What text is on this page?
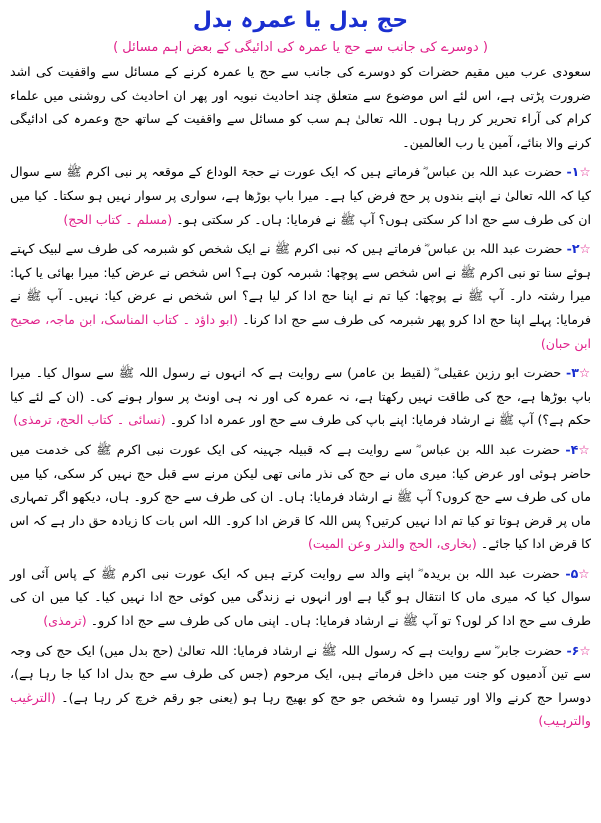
حج بدل یا عمرہ بدل
( دوسرے کی جانب سے حج یا عمرہ کی ادائیگی کے بعض اہم مسائل )

سعودی عرب میں مقیم حضرات کو دوسرے کی جانب سے حج یا عمرہ کرنے کے مسائل سے واقفیت کی اشد ضرورت پڑتی ہے، اس لئے اس موضوع سے متعلق چند احادیث نبویہ اور پھر ان احادیث کی روشنی میں علماء کرام کی آراء تحریر کر رہا ہوں۔ اللہ تعالیٰ ہم سب کو مسائل سے واقفیت کے ساتھ حج وعمرہ کی ادائیگی کرنے والا بنائے، آمین یا رب العالمین۔

☆۱- حضرت عبد اللہ بن عباس ؓ فرماتے ہیں کہ ایک عورت نے حجۃ الوداع کے موقعہ پر نبی اکرم ﷺ سے سوال کیا کہ اللہ تعالیٰ نے اپنے بندوں پر حج فرض کیا ہے۔ میرا باپ بوڑھا ہے، سواری پر سوار نہیں ہو سکتا۔ کیا میں ان کی طرف سے حج ادا کر سکتی ہوں؟ آپ ﷺ نے فرمایا: ہاں۔ کر سکتی ہو۔ (مسلم ۔ کتاب الحج)

☆۲- حضرت عبد اللہ بن عباس ؓ فرماتے ہیں کہ نبی اکرم ﷺ نے ایک شخص کو شبرمہ کی طرف سے لبیک کہتے ہوئے سنا تو نبی اکرم ﷺ نے اس شخص سے پوچھا: شبرمہ کون ہے؟ اس شخص نے عرض کیا: میرا بھائی یا کہا: میرا رشتہ دار۔ آپ ﷺ نے پوچھا: کیا تم نے اپنا حج ادا کر لیا ہے؟ اس شخص نے عرض کیا: نہیں۔ آپ ﷺ نے فرمایا: پہلے اپنا حج ادا کرو پھر شبرمہ کی طرف سے حج ادا کرنا۔ (ابو داؤد ۔ کتاب المناسک، ابن ماجہ، صحیح ابن حبان)

☆۳- حضرت ابو رزین عقیلی ؓ (لقیط بن عامر) سے روایت ہے کہ انہوں نے رسول اللہ ﷺ سے سوال کیا۔ میرا باپ بوڑھا ہے، حج کی طاقت نہیں رکھتا ہے، نہ عمرہ کی اور نہ ہی اونٹ پر سوار ہونے کی۔ (ان کے لئے کیا حکم ہے؟) آپ ﷺ نے ارشاد فرمایا: اپنے باپ کی طرف سے حج اور عمرہ ادا کرو۔ (نسائی ۔ کتاب الحج، ترمذی)

☆۴- حضرت عبد اللہ بن عباس ؓ سے روایت ہے کہ قبیلہ جہینہ کی ایک عورت نبی اکرم ﷺ کی خدمت میں حاضر ہوئی اور عرض کیا: میری ماں نے حج کی نذر مانی تھی لیکن مرنے سے قبل حج نہیں کر سکی، کیا میں ماں کی طرف سے حج کروں؟ آپ ﷺ نے ارشاد فرمایا: ہاں۔ ان کی طرف سے حج کرو۔ ہاں، دیکھو اگر تمہاری ماں پر قرض ہوتا تو کیا تم ادا نہیں کرتیں؟ پس اللہ کا قرض ادا کرو۔ اللہ اس بات کا زیادہ حق دار ہے کہ اس کا قرض ادا کیا جائے۔ (بخاری، الحج والنذر وعن المیت)

☆۵- حضرت عبد اللہ بن بریدہ ؓ اپنے والد سے روایت کرتے ہیں کہ ایک عورت نبی اکرم ﷺ کے پاس آئی اور سوال کیا کہ میری ماں کا انتقال ہو گیا ہے اور انہوں نے زندگی میں کوئی حج ادا نہیں کیا۔ کیا میں ان کی طرف سے حج ادا کر لوں؟ تو آپ ﷺ نے ارشاد فرمایا: ہاں۔ اپنی ماں کی طرف سے حج ادا کرو۔ (ترمذی)

☆۶- حضرت جابر ؓ سے روایت ہے کہ رسول اللہ ﷺ نے ارشاد فرمایا: اللہ تعالیٰ (حج بدل میں) ایک حج کی وجہ سے تین آدمیوں کو جنت میں داخل فرماتے ہیں، ایک مرحوم (جس کی طرف سے حج بدل ادا کیا جا رہا ہے)، دوسرا حج کرنے والا اور تیسرا وہ شخص جو حج کو بھیج رہا ہو (یعنی جو رقم خرچ کر رہا ہے)۔ (الترغیب والترہیب)
